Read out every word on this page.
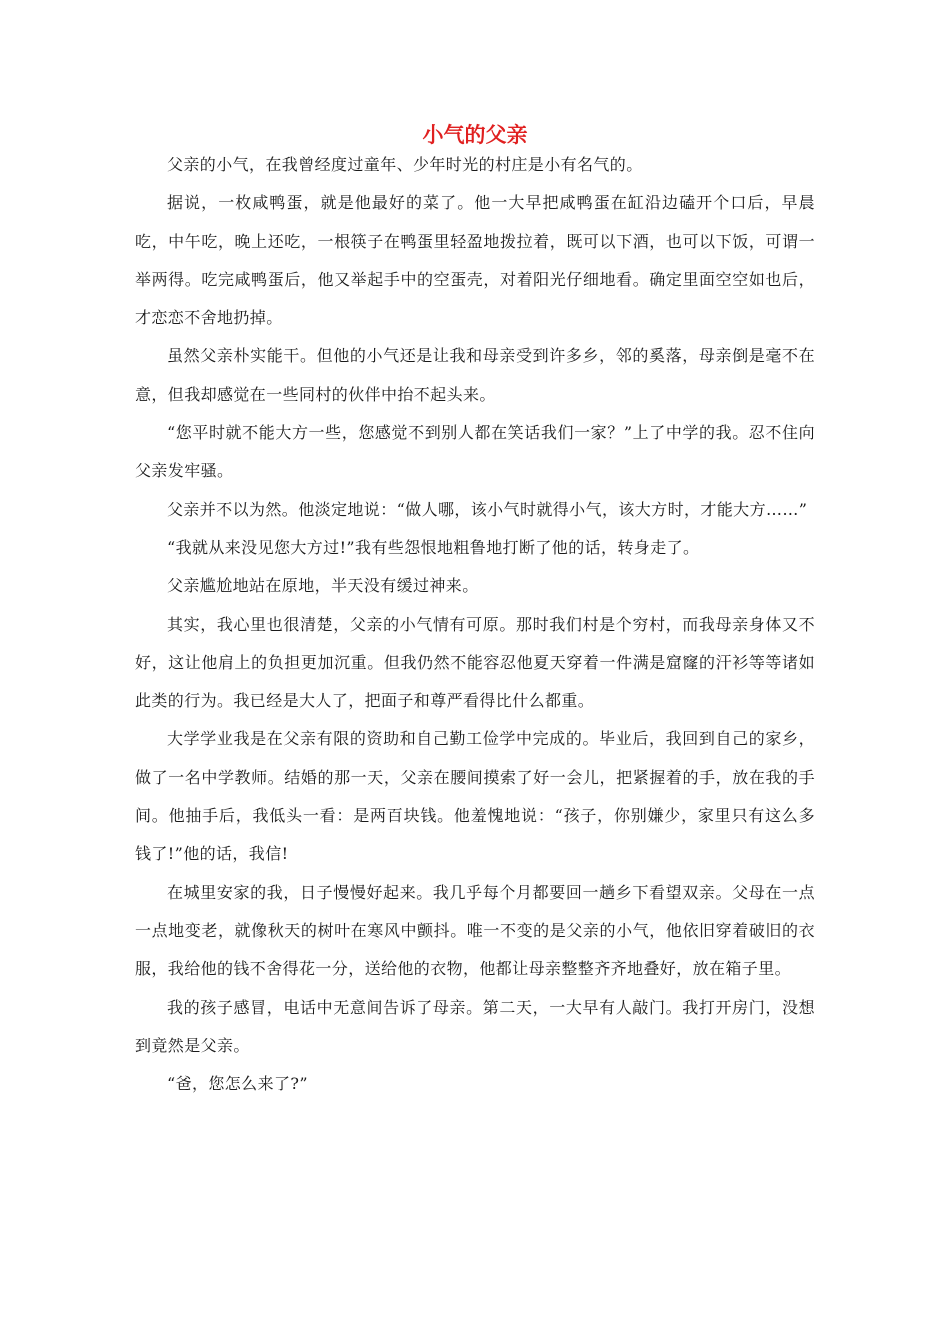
小气的父亲

父亲的小气，在我曾经度过童年、少年时光的村庄是小有名气的。

据说，一枚咸鸭蛋，就是他最好的菜了。他一大早把咸鸭蛋在缸沿边磕开个口后，早晨吃，中午吃，晚上还吃，一根筷子在鸭蛋里轻盈地拨拉着，既可以下酒，也可以下饭，可谓一举两得。吃完咸鸭蛋后，他又举起手中的空蛋壳，对着阳光仔细地看。确定里面空空如也后，才恋恋不舍地扔掉。

虽然父亲朴实能干。但他的小气还是让我和母亲受到许多乡，邻的奚落，母亲倒是毫不在意，但我却感觉在一些同村的伙伴中抬不起头来。

“您平时就不能大方一些，您感觉不到别人都在笑话我们一家？”上了中学的我。忍不住向父亲发牢骚。

父亲并不以为然。他淡定地说：“做人哪，该小气时就得小气，该大方时，才能大方……”

“我就从来没见您大方过!”我有些怨恨地粗鲁地打断了他的话，转身走了。

父亲尴尬地站在原地，半天没有缓过神来。

其实，我心里也很清楚，父亲的小气情有可原。那时我们村是个穷村，而我母亲身体又不好，这让他肩上的负担更加沉重。但我仍然不能容忍他夏天穿着一件满是窟窿的汗衫等等诸如此类的行为。我已经是大人了，把面子和尊严看得比什么都重。

大学学业我是在父亲有限的资助和自己勤工俭学中完成的。毕业后，我回到自己的家乡，做了一名中学教师。结婚的那一天，父亲在腰间摸索了好一会儿，把紧握着的手，放在我的手间。他抽手后，我低头一看：是两百块钱。他羞愧地说：“孩子，你别嫌少，家里只有这么多钱了!”他的话，我信!

在城里安家的我，日子慢慢好起来。我几乎每个月都要回一趟乡下看望双亲。父母在一点一点地变老，就像秋天的树叶在寒风中颤抖。唯一不变的是父亲的小气，他依旧穿着破旧的衣服，我给他的钱不舍得花一分，送给他的衣物，他都让母亲整整齐齐地叠好，放在箱子里。

我的孩子感冒，电话中无意间告诉了母亲。第二天，一大早有人敲门。我打开房门，没想到竟然是父亲。

“爸，您怎么来了?”
